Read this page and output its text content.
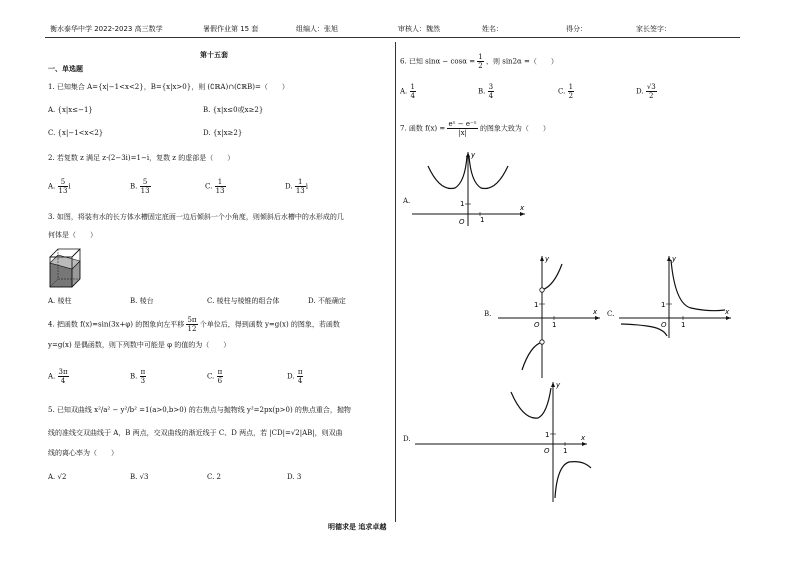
衡水泰华中学 2022-2023 高三数学	暑假作业第 15 套	组编人：张旭	审核人：魏然	姓名：	得分：	家长签字：
第十五套
一、单选题
1. 已知集合 A={x|−1<x<2}，B={x|x>0}，则 (∁ℝA)∩(∁ℝB)=（　　）
A. {x|x≤−1}	B. {x|x≤0或x≥2}
C. {x|−1<x<2}	D. {x|x≥2}
2. 若复数 z 满足 z·(2−3i)=1−i，复数 z 的虚部是（　　）
A. $\frac{5}{13}$ i	B. $\frac{5}{13}$	C. $\frac{1}{13}$	D. $\frac{1}{13}$ i
3. 如图，将装有水的长方体水槽固定底面一边后倾斜一个小角度，则倾斜后水槽中的水形成的几
何体是（　　）
A. 棱柱	B. 棱台	C. 棱柱与棱锥的组合体	D. 不能确定
4. 把函数 f(x)=sin(3x+φ) 的图象向左平移 $\frac{5\pi}{12}$ 个单位后，得到函数 y=g(x) 的图象，若函数
y=g(x) 是偶函数，则下列数中可能是 φ 的值的为（　　）
A. $\frac{3\pi}{4}$	B. $\frac{\pi}{3}$	C. $\frac{\pi}{6}$	D. $\frac{\pi}{4}$
5. 已知双曲线 x²/a² − y²/b² =1(a>0,b>0) 的右焦点与抛物线 y²=2px(p>0) 的焦点重合，抛物
线的准线交双曲线于 A，B 两点，交双曲线的渐近线于 C、D 两点，若 |CD|=√2|AB|，则双曲
线的离心率为（　　）
A. √2	B. √3	C. 2	D. 3
6. 已知 $\sin\alpha - \cos\alpha = \frac{1}{2}$ ，则 sin2α =（　　）
A. $\frac{1}{4}$	B. $\frac{3}{4}$	C. $\frac{1}{2}$	D. $\frac{√3}{2}$
7. 函数 $f(x) = \frac{\text{eˣ − e⁻ˣ}}{|x|}$ 的图象大致为（　　）
A.	1
1
O
x
y
B.
1
1
O
x
y
C.
1
1
O
x
y
D.	1
1
O
x
y
明德求是 追求卓越
